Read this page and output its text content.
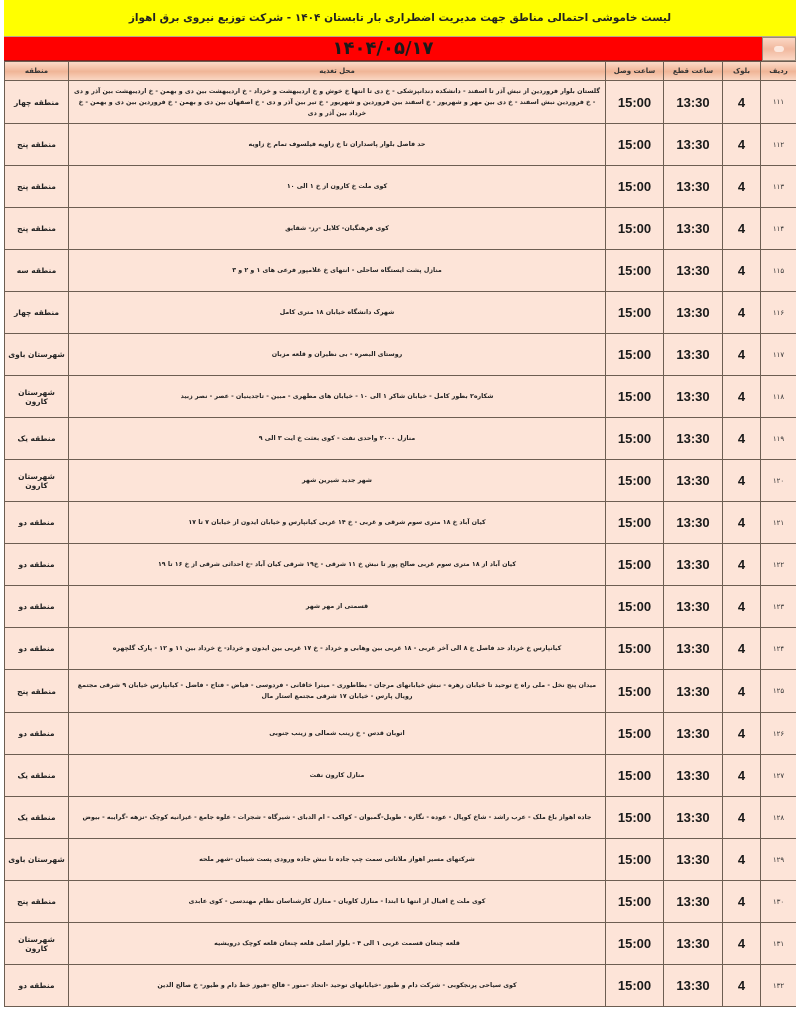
لیست خاموشی احتمالی مناطق جهت مدیریت اضطراری بار تابستان ۱۴۰۴ - شرکت توزیع نیروی برق اهواز
۱۴۰۴/۰۵/۱۷
ردیف	بلوک	ساعت قطع	ساعت وصل	محل تغذیه	منطقه
۱۱۱	4	13:30	15:00	گلستان بلوار فروردین از نبش آذر تا اسفند - دانشکده دندانپزشکی - خ دی تا انتها خ خوش و خ اردیبهشت و خرداد - خ اردیبهشت بین دی و بهمن - خ اردیبهشت بین آذر و دی - خ فروردین نبش اسفند - خ دی بین مهر و شهریور - خ اسفند بین فروردین و شهریور - خ تیر بین آذر و دی - خ اصفهان بین دی و بهمن - خ فروردین بین دی و بهمن - خ خرداد بین آذر و دی	منطقه چهار
۱۱۲	4	13:30	15:00	حد فاصل بلوار پاسداران تا خ زاویه فیلسوف تمام خ زاویه	منطقه پنج
۱۱۳	4	13:30	15:00	کوی ملت خ کارون از خ ۱ الی ۱۰	منطقه پنج
۱۱۴	4	13:30	15:00	کوی فرهنگیان- کلایل -رز- شقایق	منطقه پنج
۱۱۵	4	13:30	15:00	منازل پشت ایستگاه ساحلی - انتهای خ غلامپور فرعی های ۱ و ۲ و ۳	منطقه سه
۱۱۶	4	13:30	15:00	شهرک دانشگاه خیابان ۱۸ متری کامل	منطقه چهار
۱۱۷	4	13:30	15:00	روستای البصره - بی نظیران و قلعه مزبان	شهرستان باوی
۱۱۸	4	13:30	15:00	شکاره۲ بطور کامل - خیابان شاکر ۱ الی ۱۰ - خیابان های مطهری - مبین - تاجدینیان - عصر - نصر زبید	شهرستان کارون
۱۱۹	4	13:30	15:00	منازل ۲۰۰۰ واحدی نفت - کوی بعثت خ ایت ۳ الی ۹	منطقه یک
۱۲۰	4	13:30	15:00	شهر جدید شیرین شهر	شهرستان کارون
۱۲۱	4	13:30	15:00	کیان آباد خ ۱۸ متری سوم شرقی و غربی - خ ۱۴ غربی کیانپارس و خیابان ایدون از خیابان ۷ تا ۱۷	منطقه دو
۱۲۲	4	13:30	15:00	کیان آباد از ۱۸ متری سوم غربی صالح پور تا نبش خ ۱۱ شرقی - خ۱۹ شرقی کیان آباد -خ احداثی شرقی از خ ۱۶ تا ۱۹	منطقه دو
۱۲۳	4	13:30	15:00	قسمتی از مهر شهر	منطقه دو
۱۲۴	4	13:30	15:00	کیانپارس خ خرداد حد فاصل خ ۸ الی آخر غربی - ۱۸ غربی بین وهابی و خرداد - خ ۱۷ غربی بین ایدون و خرداد- خ خرداد بین ۱۱ و ۱۲ - پارک گلچهره	منطقه دو
۱۲۵	4	13:30	15:00	میدان پنج نخل - ملی راه خ توحید تا خیابان زهره - نبش خیابانهای مرجان - بطاطوری - میترا خاقانی - فردوسی - فیاض - فتاح - فاضل - کیانپارس خیابان ۹ شرقی مجتمع رویال پارس - خیابان ۱۷ شرقی مجتمع استار مال	منطقه پنج
۱۲۶	4	13:30	15:00	اتوبان قدس - خ زینب شمالی و زینب جنوبی	منطقه دو
۱۲۷	4	13:30	15:00	منازل کارون نفت	منطقه یک
۱۲۸	4	13:30	15:00	جاده اهواز باغ ملک - عرب راشد - شاخ کوپال - عوده - نگاره - طویل-گمبوان - کواکب - ام الدبای - شیرگاه - شجرات - علوه جامع - غیزانیه کوچک -نزهه -گرایبه - بیوض	منطقه یک
۱۲۹	4	13:30	15:00	شرکتهای مسیر اهواز ملاثانی سمت چپ جاده تا نبش جاده ورودی پست شیبان -شهر ملحه	شهرستان باوی
۱۳۰	4	13:30	15:00	کوی ملت خ اقبال از انتها تا ابتدا - منازل کاویان - منازل کارشناسان نظام مهندسی - کوی عابدی	منطقه پنج
۱۳۱	4	13:30	15:00	قلعه چنعان قسمت غربی ۱ الی ۴ - بلوار اصلی قلعه چنعان قلعه کوچک درویشیه	شهرستان کارون
۱۳۲	4	13:30	15:00	کوی سیاحی پرنجکوبی - شرکت دام و طیور -خیابانهای توحید -اتحاد -منور - فالح -فیوز خط دام و طیور- خ صالح الدین	منطقه دو
